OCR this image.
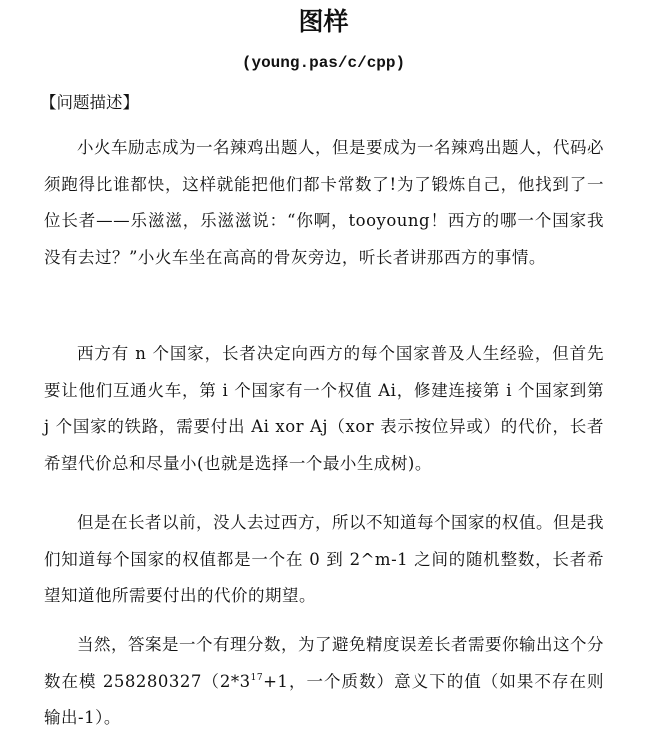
图样
(young.pas/c/cpp)
【问题描述】

小火车励志成为一名辣鸡出题人，但是要成为一名辣鸡出题人，代码必须跑得比谁都快，这样就能把他们都卡常数了!为了锻炼自己，他找到了一位长者——乐滋滋，乐滋滋说：“你啊，tooyoung！西方的哪一个国家我没有去过？”小火车坐在高高的骨灰旁边，听长者讲那西方的事情。

西方有 n 个国家，长者决定向西方的每个国家普及人生经验，但首先要让他们互通火车，第 i 个国家有一个权值 Ai，修建连接第 i 个国家到第 j 个国家的铁路，需要付出 Ai xor Aj（xor 表示按位异或）的代价，长者希望代价总和尽量小(也就是选择一个最小生成树)。

但是在长者以前，没人去过西方，所以不知道每个国家的权值。但是我们知道每个国家的权值都是一个在 0 到 2^m-1 之间的随机整数，长者希望知道他所需要付出的代价的期望。

当然，答案是一个有理分数，为了避免精度误差长者需要你输出这个分数在模 $258280327(2*3^{17}+1$，一个质数）意义下的值（如果不存在则输出-1）。
